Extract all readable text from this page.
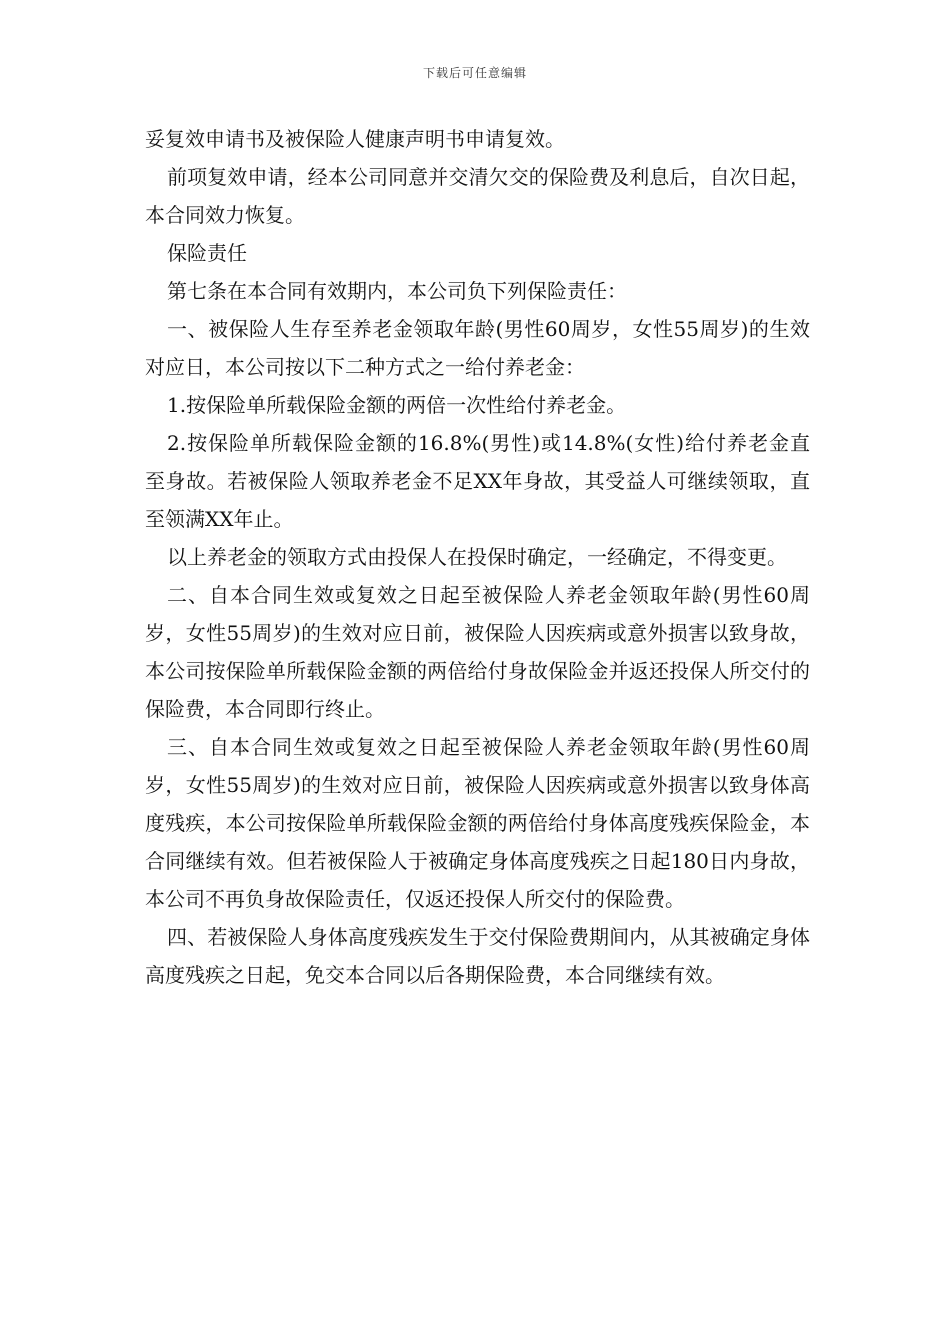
下载后可任意编辑

妥复效申请书及被保险人健康声明书申请复效。

前项复效申请，经本公司同意并交清欠交的保险费及利息后，自次日起，本合同效力恢复。

保险责任

第七条在本合同有效期内，本公司负下列保险责任：

一、被保险人生存至养老金领取年龄(男性60周岁，女性55周岁)的生效对应日，本公司按以下二种方式之一给付养老金：

1.按保险单所载保险金额的两倍一次性给付养老金。

2.按保险单所载保险金额的16.8%(男性)或14.8%(女性)给付养老金直 至身故。若被保险人领取养老金不足XX年身故，其受益人可继续领取，直至领满XX年止。

以上养老金的领取方式由投保人在投保时确定，一经确定，不得变更。

二、自本合同生效或复效之日起至被保险人养老金领取年龄(男性60周岁，女性55周岁)的生效对应日前，被保险人因疾病或意外损害以致身故，本公司按保险单所载保险金额的两倍给付身故保险金并返还投保人所交付的保险费，本合同即行终止。

三、自本合同生效或复效之日起至被保险人养老金领取年龄(男性60周岁，女性55周岁)的生效对应日前，被保险人因疾病或意外损害以致身体高度残疾，本公司按保险单所载保险金额的两倍给付身体高度残疾保险金，本合同继续有效。但若被保险人于被确定身体高度残疾之日起180日内身故，本公司不再负身故保险责任，仅返还投保人所交付的保险费。

四、若被保险人身体高度残疾发生于交付保险费期间内，从其被确定身体高度残疾之日起，免交本合同以后各期保险费，本合同继续有效。
